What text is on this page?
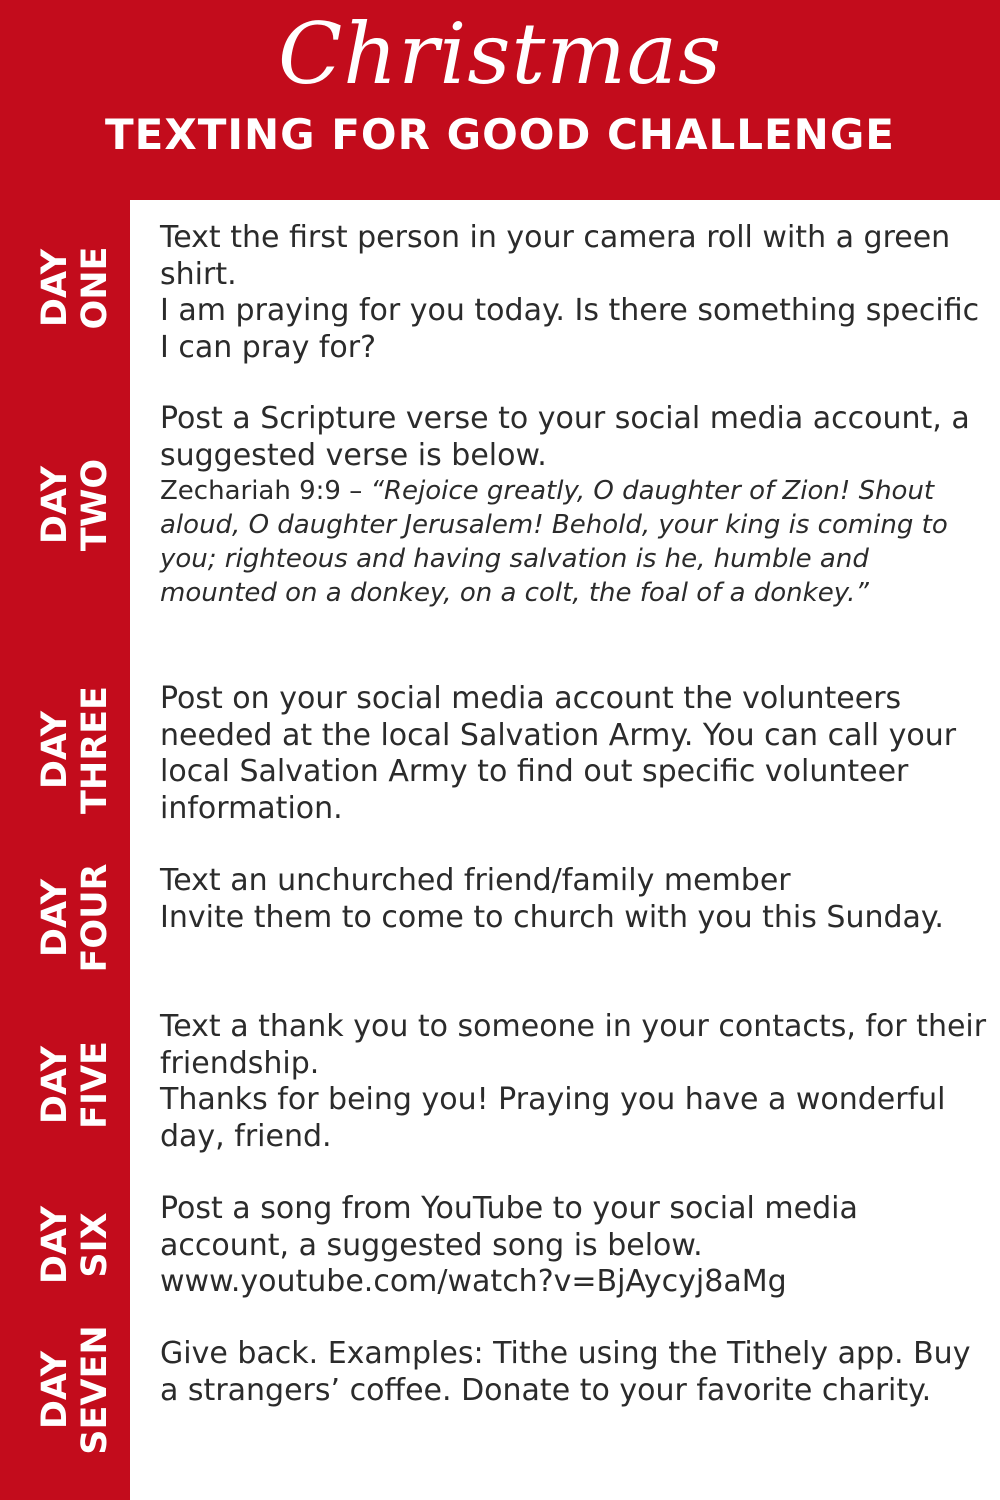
Christmas
TEXTING FOR GOOD CHALLENGE
DAY
ONE

Text the first person in your camera roll with a green shirt.

I am praying for you today. Is there something specific I can pray for?

DAY
TWO

Post a Scripture verse to your social media account, a suggested verse is below.

Zechariah 9:9 – “Rejoice greatly, O daughter of Zion! Shout aloud, O daughter Jerusalem! Behold, your king is coming to you; righteous and having salvation is he, humble and mounted on a donkey, on a colt, the foal of a donkey.”

DAY
THREE Post on your social media account the volunteers needed at the local Salvation Army. You can call your local Salvation Army to find out specific volunteer information.

DAY
FOUR Text an unchurched friend/family member

Invite them to come to church with you this Sunday.

DAY
FIVE

Text a thank you to someone in your contacts, for their friendship.

Thanks for being you! Praying you have a wonderful day, friend.

DAY
SIX

Post a song from YouTube to your social media account, a suggested song is below.

www.youtube.com/watch?v=BjAycyj8aMg

DAY
SEVEN Give back. Examples: Tithe using the Tithely app. Buy a strangers’ coffee. Donate to your favorite charity.
